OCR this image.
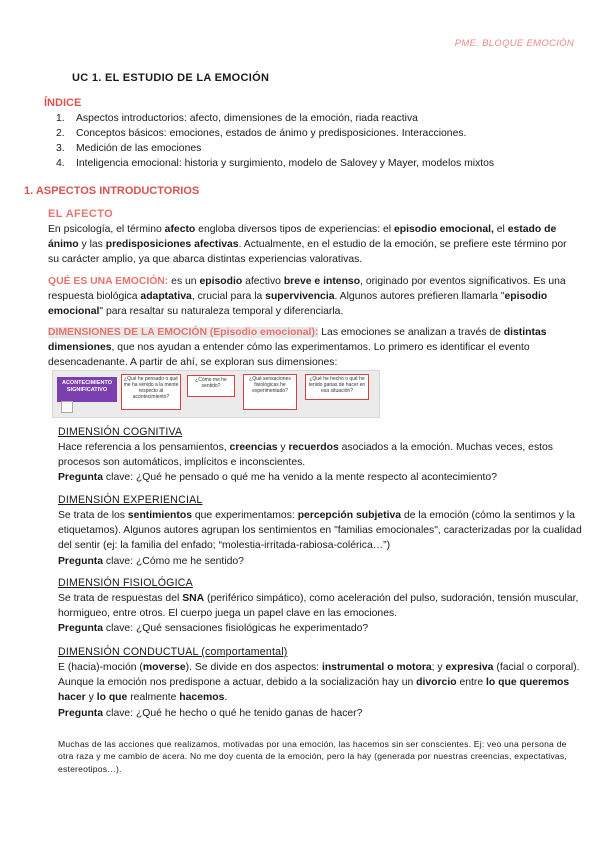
PME. BLOQUE EMOCIÓN
UC 1. EL ESTUDIO DE LA EMOCIÓN
ÍNDICE
1. Aspectos introductorios: afecto, dimensiones de la emoción, riada reactiva
2. Conceptos básicos: emociones, estados de ánimo y predisposiciones. Interacciones.
3. Medición de las emociones
4. Inteligencia emocional: historia y surgimiento, modelo de Salovey y Mayer, modelos mixtos
1. ASPECTOS INTRODUCTORIOS
EL AFECTO

En psicología, el término afecto engloba diversos tipos de experiencias: el episodio emocional, el estado de ánimo y las predisposiciones afectivas. Actualmente, en el estudio de la emoción, se prefiere este término por su carácter amplio, ya que abarca distintas experiencias valorativas.

QUÉ ES UNA EMOCIÓN: es un episodio afectivo breve e intenso, originado por eventos significativos. Es una respuesta biológica adaptativa, crucial para la supervivencia. Algunos autores prefieren llamarla "episodio emocional" para resaltar su naturaleza temporal y diferenciarla.

DIMENSIONES DE LA EMOCIÓN (Episodio emocional): Las emociones se analizan a través de distintas dimensiones, que nos ayudan a entender cómo las experimentamos. Lo primero es identificar el evento desencadenante. A partir de ahí, se exploran sus dimensiones:

ACONTECIMIENTO SIGNIFICATIVO
¿Qué he pensado o qué me ha venido a la mente respecto al acontecimiento?
¿Cómo me he sentido?
¿Qué sensaciones fisiológicas he experimentado?
¿Qué he hecho o qué he tenido ganas de hacer en esa situación?
DIMENSIÓN COGNITIVA

Hace referencia a los pensamientos, creencias y recuerdos asociados a la emoción. Muchas veces, estos procesos son automáticos, implícitos e inconscientes.
Pregunta clave: ¿Qué he pensado o qué me ha venido a la mente respecto al acontecimiento?

DIMENSIÓN EXPERIENCIAL

Se trata de los sentimientos que experimentamos: percepción subjetiva de la emoción (cómo la sentimos y la etiquetamos). Algunos autores agrupan los sentimientos en "familias emocionales", caracterizadas por la cualidad del sentir (ej: la familia del enfado; “molestia-irritada-rabiosa-colérica…”)
Pregunta clave: ¿Cómo me he sentido?

DIMENSIÓN FISIOLÓGICA

Se trata de respuestas del SNA (periférico simpático), como aceleración del pulso, sudoración, tensión muscular, hormigueo, entre otros. El cuerpo juega un papel clave en las emociones.
Pregunta clave: ¿Qué sensaciones fisiológicas he experimentado?

DIMENSIÓN CONDUCTUAL (comportamental)

E (hacia)-moción (moverse). Se divide en dos aspectos: instrumental o motora; y expresiva (facial o corporal). Aunque la emoción nos predispone a actuar, debido a la socialización hay un divorcio entre lo que queremos hacer y lo que realmente hacemos.
Pregunta clave: ¿Qué he hecho o qué he tenido ganas de hacer?

Muchas de las acciones que realizamos, motivadas por una emoción, las hacemos sin ser conscientes. Ej: veo una persona de otra raza y me cambio de acera. No me doy cuenta de la emoción, pero la hay (generada por nuestras creencias, expectativas, estereotipos…).
